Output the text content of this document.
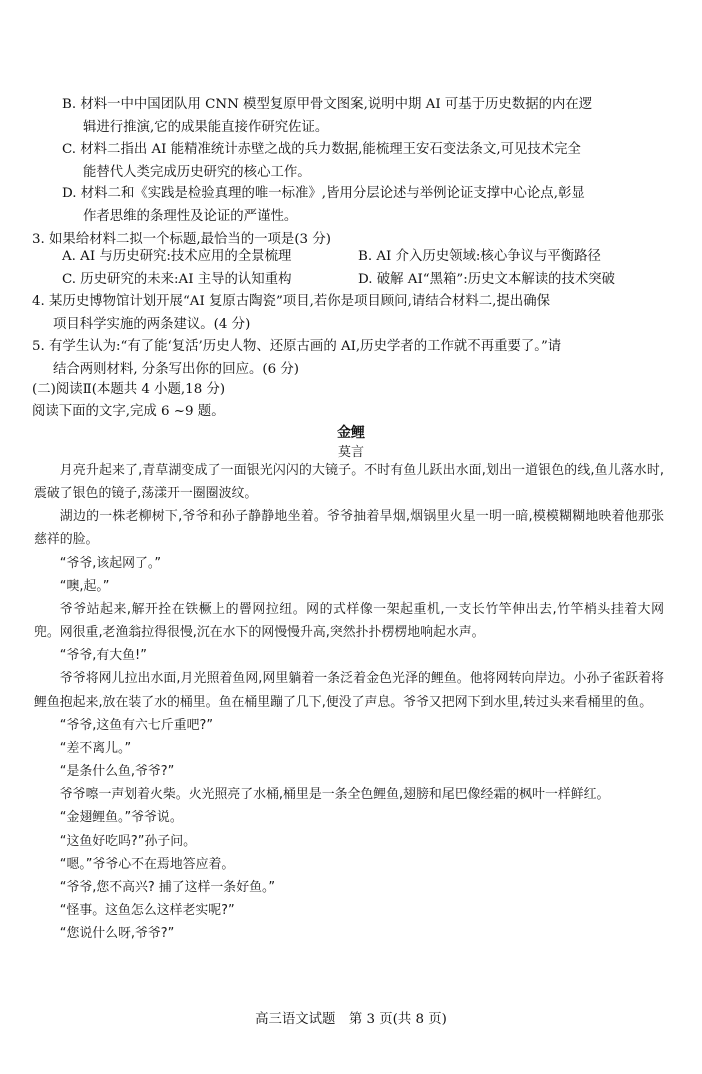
B. 材料一中中国团队用 CNN 模型复原甲骨文图案,说明中期 AI 可基于历史数据的内在逻
辑进行推演,它的成果能直接作研究佐证。
C. 材料二指出 AI 能精准统计赤壁之战的兵力数据,能梳理王安石变法条文,可见技术完全
能替代人类完成历史研究的核心工作。
D. 材料二和《实践是检验真理的唯一标准》,皆用分层论述与举例论证支撑中心论点,彰显
作者思维的条理性及论证的严谨性。
3. 如果给材料二拟一个标题,最恰当的一项是(3 分)
A. AI 与历史研究:技术应用的全景梳理	B. AI 介入历史领域:核心争议与平衡路径
C. 历史研究的未来:AI 主导的认知重构	D. 破解 AI“黑箱”:历史文本解读的技术突破
4. 某历史博物馆计划开展“AI 复原古陶瓷”项目,若你是项目顾问,请结合材料二,提出确保
项目科学实施的两条建议。(4 分)
5. 有学生认为:“有了能‘复活’历史人物、还原古画的 AI,历史学者的工作就不再重要了。”请
结合两则材料, 分条写出你的回应。(6 分)
(二)阅读Ⅱ(本题共 4 小题,18 分)
阅读下面的文字,完成 6 ~9 题。
金鲤
莫言

月亮升起来了,青草湖变成了一面银光闪闪的大镜子。不时有鱼儿跃出水面,划出一道银色的线,鱼儿落水时,震破了银色的镜子,荡漾开一圈圈波纹。

湖边的一株老柳树下,爷爷和孙子静静地坐着。爷爷抽着旱烟,烟锅里火星一明一暗,模模糊糊地映着他那张慈祥的脸。

“爷爷,该起网了。”

“噢,起。”

爷爷站起来,解开拴在铁橛上的罾网拉纽。网的式样像一架起重机,一支长竹竿伸出去,竹竿梢头挂着大网兜。网很重,老渔翁拉得很慢,沉在水下的网慢慢升高,突然扑扑楞楞地响起水声。

“爷爷,有大鱼!”

爷爷将网儿拉出水面,月光照着鱼网,网里躺着一条泛着金色光泽的鲤鱼。他将网转向岸边。小孙子雀跃着将鲤鱼抱起来,放在装了水的桶里。鱼在桶里蹦了几下,便没了声息。爷爷又把网下到水里,转过头来看桶里的鱼。

“爷爷,这鱼有六七斤重吧?”

“差不离儿。”

“是条什么鱼,爷爷?”

爷爷嚓一声划着火柴。火光照亮了水桶,桶里是一条全色鲤鱼,翅膀和尾巴像经霜的枫叶一样鲜红。

“金翅鲤鱼。”爷爷说。

“这鱼好吃吗?”孙子问。

“嗯。”爷爷心不在焉地答应着。

“爷爷,您不高兴? 捕了这样一条好鱼。”

“怪事。这鱼怎么这样老实呢?”

“您说什么呀,爷爷?”

高三语文试题　第 3 页(共 8 页)
